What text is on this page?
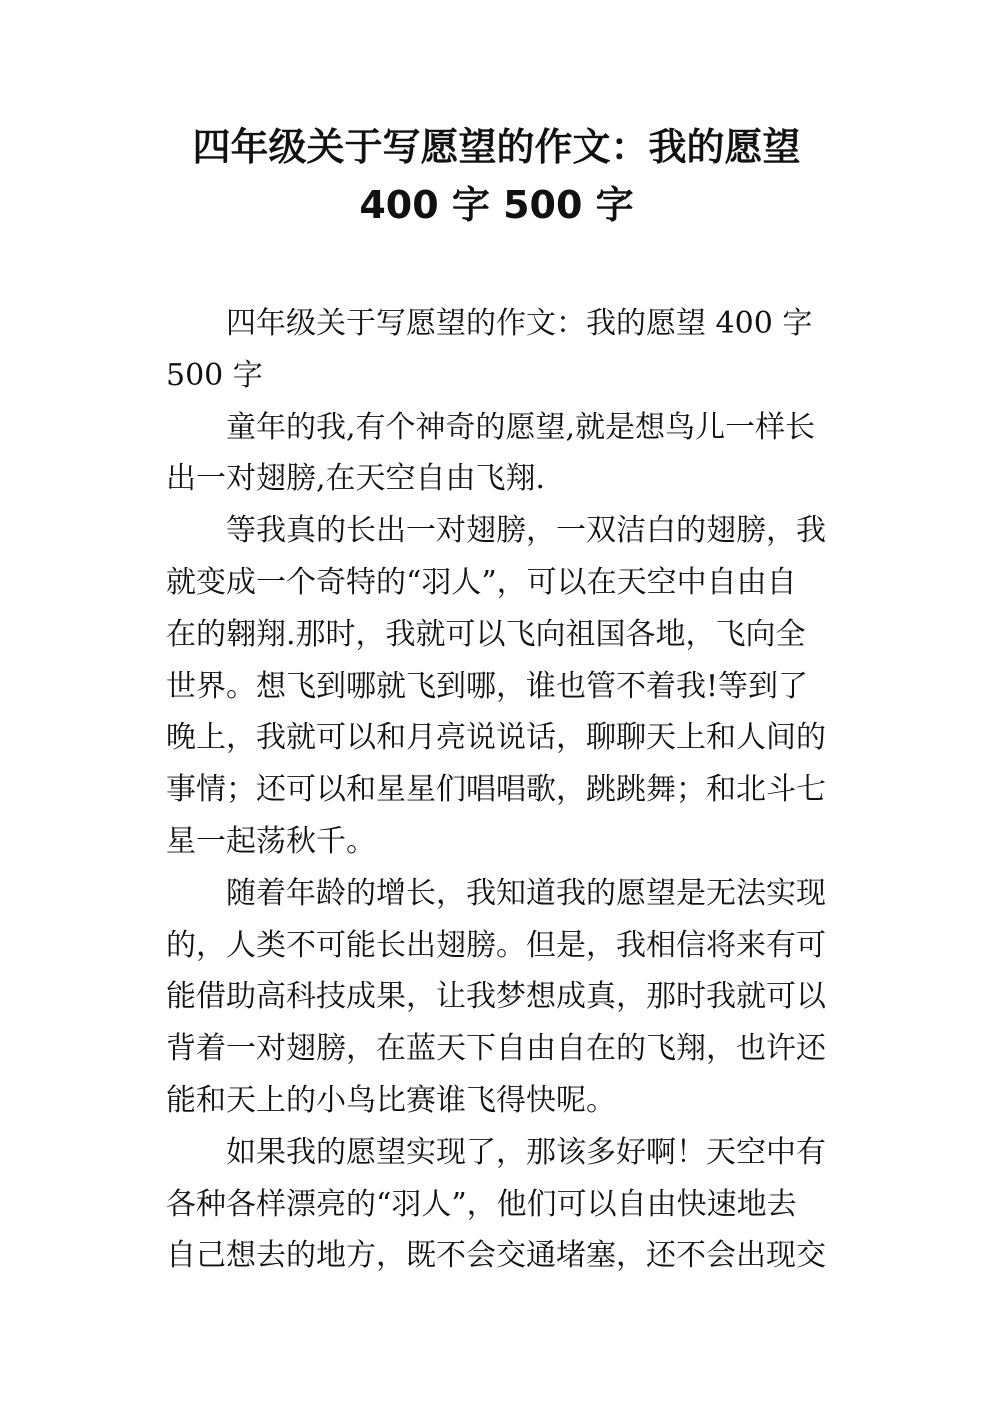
四年级关于写愿望的作文：我的愿望
400 字 500 字

四年级关于写愿望的作文：我的愿望 400 字
500 字

童年的我,有个神奇的愿望,就是想鸟儿一样长
出一对翅膀,在天空自由飞翔.

等我真的长出一对翅膀，一双洁白的翅膀，我
就变成一个奇特的“羽人”，可以在天空中自由自
在的翱翔.那时，我就可以飞向祖国各地，飞向全
世界。想飞到哪就飞到哪，谁也管不着我!等到了
晚上，我就可以和月亮说说话，聊聊天上和人间的
事情；还可以和星星们唱唱歌，跳跳舞；和北斗七
星一起荡秋千。

随着年龄的增长，我知道我的愿望是无法实现
的，人类不可能长出翅膀。但是，我相信将来有可
能借助高科技成果，让我梦想成真，那时我就可以
背着一对翅膀，在蓝天下自由自在的飞翔，也许还
能和天上的小鸟比赛谁飞得快呢。

如果我的愿望实现了，那该多好啊！天空中有
各种各样漂亮的“羽人”，他们可以自由快速地去
自己想去的地方，既不会交通堵塞，还不会出现交
